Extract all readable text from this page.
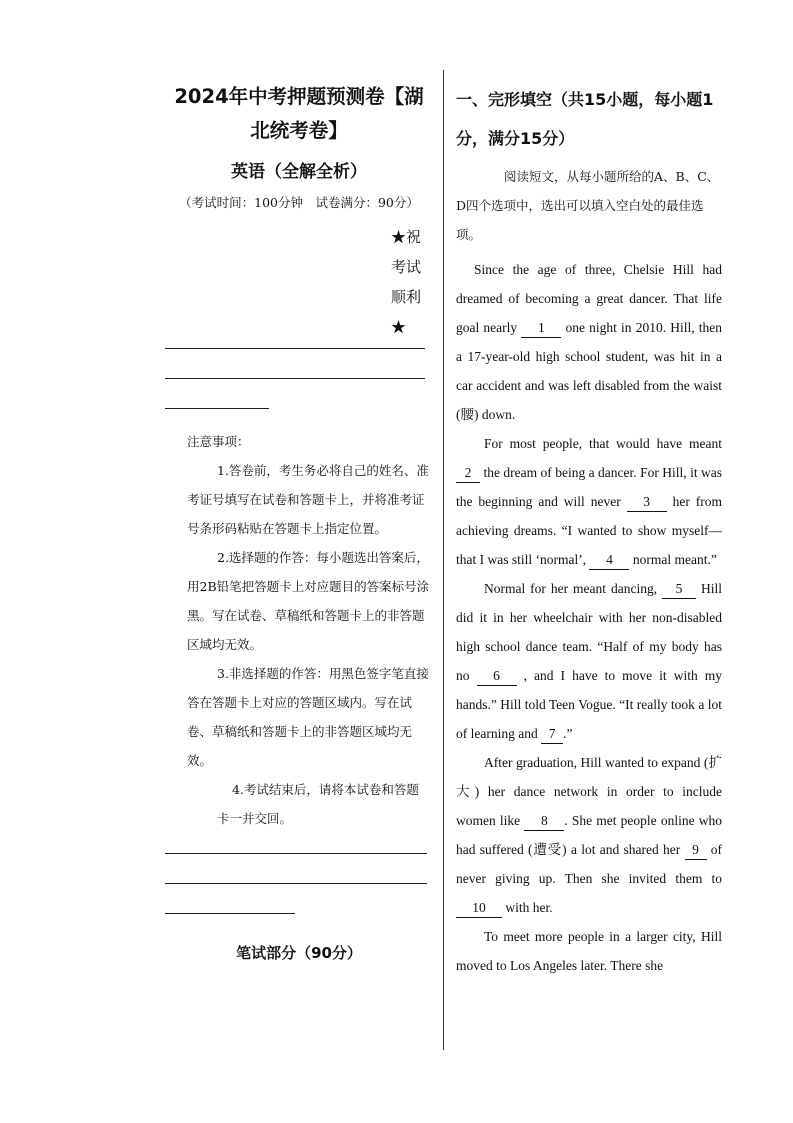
2024年中考押题预测卷【湖北统考卷】
英语（全解全析）
（考试时间：100分钟　试卷满分：90分）
★祝考试顺利★

注意事项：

1.答卷前，考生务必将自己的姓名、准考证号填写在试卷和答题卡上，并将准考证号条形码粘贴在答题卡上指定位置。

2.选择题的作答：每小题选出答案后，用2B铅笔把答题卡上对应题目的答案标号涂黑。写在试卷、草稿纸和答题卡上的非答题区域均无效。

3.非选择题的作答：用黑色签字笔直接答在答题卡上对应的答题区域内。写在试卷、草稿纸和答题卡上的非答题区域均无效。

4.考试结束后，请将本试卷和答题卡一并交回。

笔试部分（90分）
一、完形填空（共15小题，每小题1分，满分15分）

阅读短文，从每小题所给的A、B、C、D四个选项中，选出可以填入空白处的最佳选项。

Since the age of three, Chelsie Hill had dreamed of becoming a great dancer. That life goal nearly 1 one night in 2010. Hill, then a 17-year-old high school student, was hit in a car accident and was left disabled from the waist (腰) down.

For most people, that would have meant 2 the dream of being a dancer. For Hill, it was the beginning and will never 3 her from achieving dreams. “I wanted to show myself—that I was still ‘normal’, 4 normal meant.”

Normal for her meant dancing, 5 Hill did it in her wheelchair with her non-disabled high school dance team. “Half of my body has no 6 , and I have to move it with my hands.” Hill told Teen Vogue. “It really took a lot of learning and 7 .”

After graduation, Hill wanted to expand (扩大) her dance network in order to include women like 8 . She met people online who had suffered (遭受) a lot and shared her 9 of never giving up. Then she invited them to 10 with her.

To meet more people in a larger city, Hill moved to Los Angeles later. There she
